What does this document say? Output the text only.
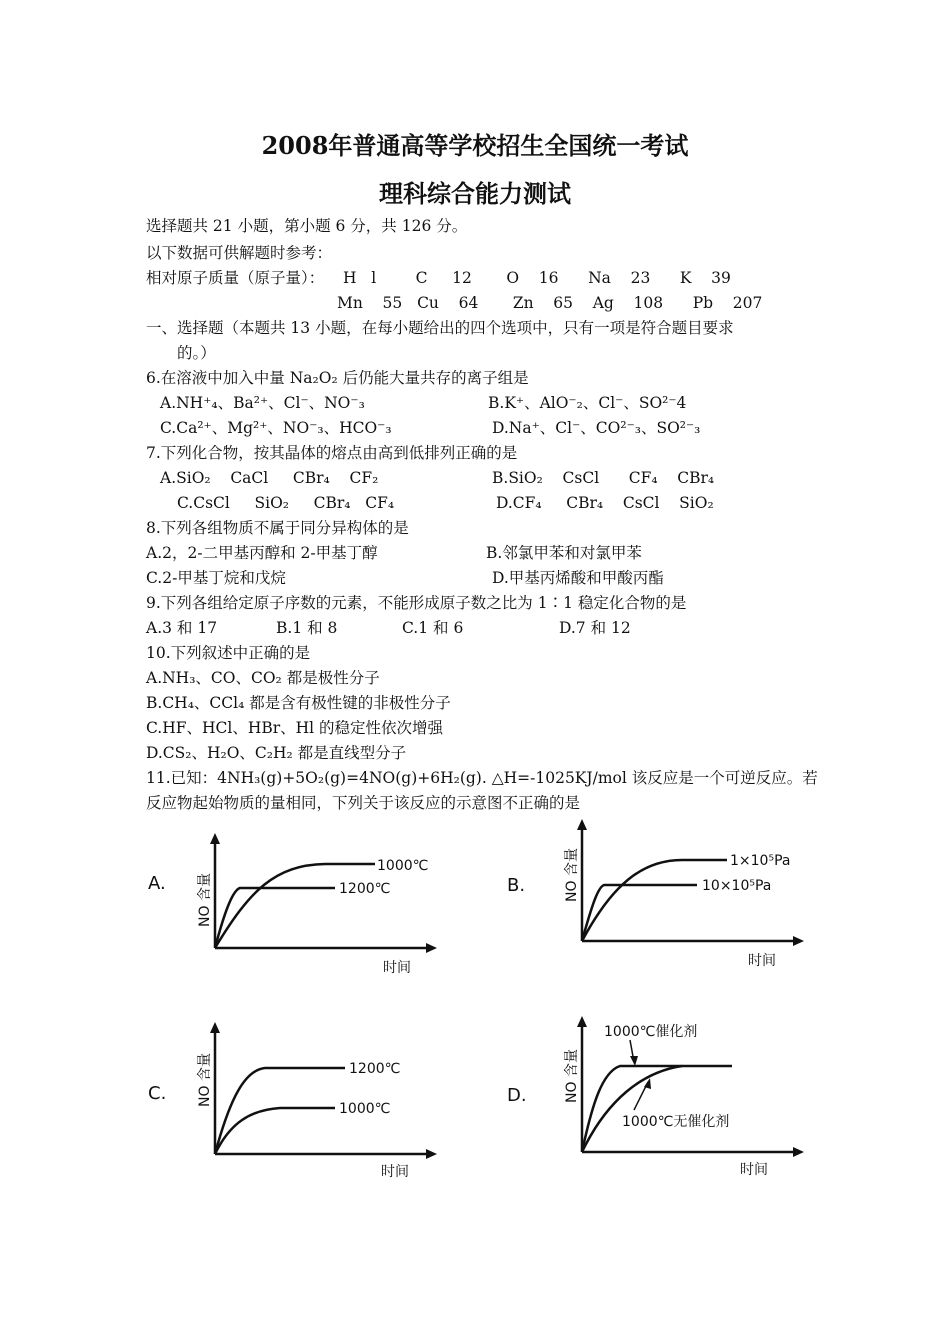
2008年普通高等学校招生全国统一考试
理科综合能力测试
选择题共 21 小题，第小题 6 分，共 126 分。
以下数据可供解题时参考：
相对原子质量（原子量）： H   l        C     12       O    16      Na    23      K    39
Mn    55   Cu    64       Zn    65    Ag    108      Pb    207
一、选择题（本题共 13 小题，在每小题给出的四个选项中，只有一项是符合题目要求
的。）
6.在溶液中加入中量 Na₂O₂ 后仍能大量共存的离子组是
A.NH⁺₄、Ba²⁺、Cl⁻、NO⁻₃	B.K⁺、AlO⁻₂、Cl⁻、SO²⁻4
C.Ca²⁺、Mg²⁺、NO⁻₃、HCO⁻₃	D.Na⁺、Cl⁻、CO²⁻₃、SO²⁻₃
7.下列化合物，按其晶体的熔点由高到低排列正确的是
A.SiO₂    CaCl     CBr₄    CF₂	B.SiO₂    CsCl      CF₄    CBr₄
C.CsCl     SiO₂     CBr₄   CF₄	D.CF₄     CBr₄    CsCl    SiO₂
8.下列各组物质不属于同分异构体的是
A.2，2-二甲基丙醇和 2-甲基丁醇	B.邻氯甲苯和对氯甲苯
C.2-甲基丁烷和戊烷	D.甲基丙烯酸和甲酸丙酯
9.下列各组给定原子序数的元素，不能形成原子数之比为 1∶1 稳定化合物的是
A.3 和 17	B.1 和 8	C.1 和 6	D.7 和 12
10.下列叙述中正确的是
A.NH₃、CO、CO₂ 都是极性分子
B.CH₄、CCl₄ 都是含有极性键的非极性分子
C.HF、HCl、HBr、Hl 的稳定性依次增强
D.CS₂、H₂O、C₂H₂ 都是直线型分子
11.已知：4NH₃(g)+5O₂(g)=4NO(g)+6H₂(g). △H=-1025KJ/mol 该反应是一个可逆反应。若
反应物起始物质的量相同，下列关于该反应的示意图不正确的是
A. NO 含量
1000℃
1200℃
时间
B.	NO 含量	1×10⁵Pa
10×10⁵Pa
时间
C. NO 含量	1200℃
1000℃
时间
D.	NO 含量
1000℃催化剂
1000℃无催化剂
时间
